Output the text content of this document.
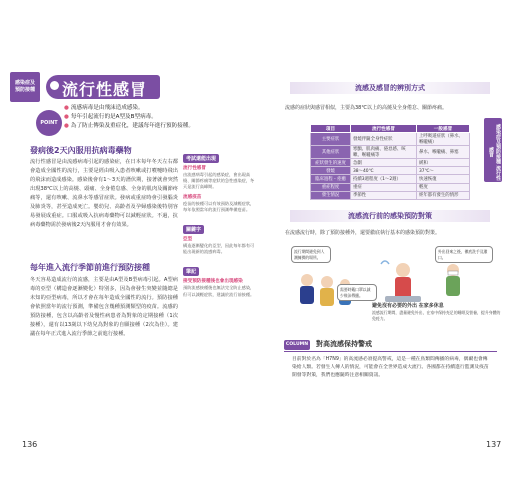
感染症及
預防接種	流行性感冒
POINT
● 流感病毒是由飛沫造成感染。
● 每年引起流行的是A型及B型病毒。
● 為了防止傳染及重症化，建議每年進行預防接種。
發病後2天內服用抗病毒藥物
流行性感冒是由流感病毒引起的感染症，在日本每年冬天左右都會造成全國性的流行，主要是經由吸入患者咳嗽或打噴嚏時飛出的飛沫而造成感染。感染後會有1～3天的潛伏期，接著就會突然出現38℃以上的高燒、頭痛、全身倦怠感、全身的肌肉及關節疼痛等，還有咳嗽、流鼻水等感冒症狀。發病或重症時會引發腦炎及肺炎等，甚至造成死亡。嬰幼兒、高齡者及孕婦感染後特別容易發展成重症。口服或吸入抗病毒藥物可以減輕症狀。不過，抗病毒藥物需於發病後2天內服用才會有效果。
每年進入流行季節前進行預防接種
冬天容易造成流行的流感，主要是由A型及B型病毒引起。A型病毒的亞型（構造會逐漸變化）特別多，因為會發生突變並隨總是未知的亞型病毒，所以才會在每年造成全國性的流行。預防接種會依照當年的流行預測，準備包含幾種預測類型的疫苗。流感的預防接種，包含以高齡者及慢性病患者為對象的定期接種（1次接種），還有以13歲以下幼兒為對象的自願接種（2次為佳）。建議在每年正式進入流行季節之前進行接種。
考試還能出現
流行性感冒
由流感病毒引起的感染症，會出現高燒、關節疼痛等症狀的急性感染症，冬天是流行高峰期。
流感疫苗
疫苗的接種可以有效預防及減輕症狀，每年依照當年的流行預測準備疫苗。
關鍵字
亞型
構造逐漸變化的亞型，因此每年都有可能出現新的流感病毒。
筆記
接受預防接種後也會出現感染
預防流感接種後也無法完全防止感染，但可以減輕症狀，建議於流行前接種。
136
流感及感冒的辨別方式
流感的症狀與感冒相似，主要為38℃以上的高燒及全身倦怠、關節疼痛。
項目	流行性感冒	一般感冒
主要症狀	發燒伴隨全身性症狀	上呼吸道症狀（鼻水、喉嚨痛）
其他症狀	寒顫、肌肉痛、倦怠感、咳嗽、喉嚨痛等	鼻水、喉嚨痛、鼻塞
症狀發生的速度	急劇	緩和
發燒	38～40℃	37℃～
臨床過程・痊癒	持續3週程度（1～2週）	快速恢復
重症程度	重症	輕度
發生情況	季節性	經年都有發生的情形
感染症及預防接種 流行性感冒
流感流行前的感染預防對策
在流感流行時，除了預防接種外，還要徹底執行基本的感染預防對策。
流行期間避免到人潮擁擠的場所。
外出回來之後，徹底洗手及漱口。
需要時戴口罩以減少飛沫傳播。
避免沒有必要的外出 在家多休息
流感流行期間，盡量避免外出，在家中保持充足的睡眠及營養，提升身體的免疫力。
COLUMN 對高流感保持警戒
目前對於名為「H7N9」的高流感必須提高警戒，這是一種在鳥類間傳播的病毒，偶爾也會傳染給人類。若發生人傳人的情況，可能會在全世界造成大流行。各國都在持續進行監測及疫苗開發等對策，我們也應隨時注意相關資訊。
137
